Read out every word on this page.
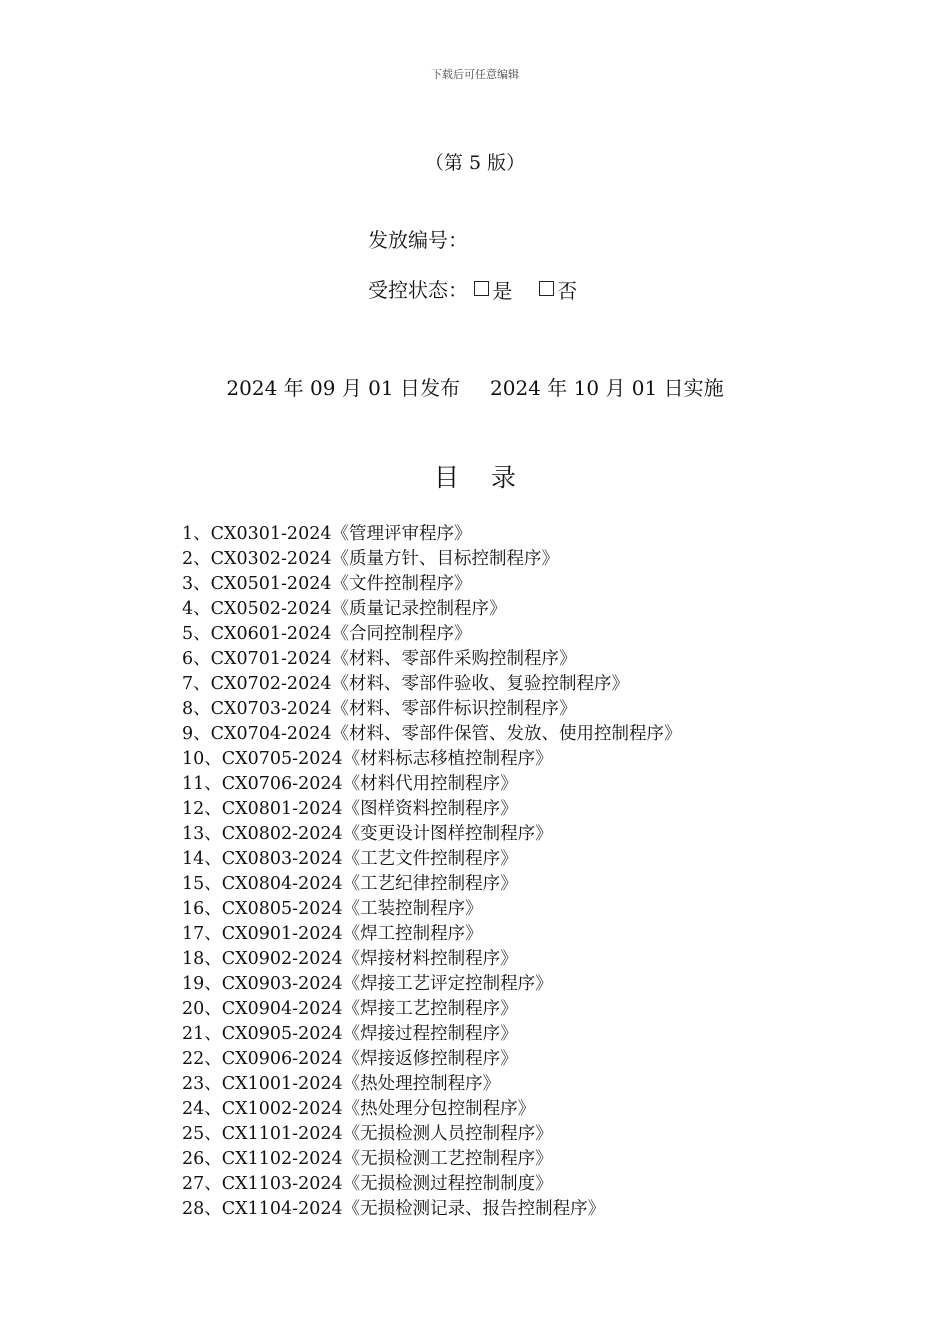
下载后可任意编辑
（第 5 版）
发放编号：
受控状态： 是
否
2024 年 09 月 01 日发布 2024 年 10 月 01 日实施
目录
1、CX0301-2024《管理评审程序》
2、CX0302-2024《质量方针、目标控制程序》
3、CX0501-2024《文件控制程序》
4、CX0502-2024《质量记录控制程序》
5、CX0601-2024《合同控制程序》
6、CX0701-2024《材料、零部件采购控制程序》
7、CX0702-2024《材料、零部件验收、复验控制程序》
8、CX0703-2024《材料、零部件标识控制程序》
9、CX0704-2024《材料、零部件保管、发放、使用控制程序》
10、CX0705-2024《材料标志移植控制程序》
11、CX0706-2024《材料代用控制程序》
12、CX0801-2024《图样资料控制程序》
13、CX0802-2024《变更设计图样控制程序》
14、CX0803-2024《工艺文件控制程序》
15、CX0804-2024《工艺纪律控制程序》
16、CX0805-2024《工装控制程序》
17、CX0901-2024《焊工控制程序》
18、CX0902-2024《焊接材料控制程序》
19、CX0903-2024《焊接工艺评定控制程序》
20、CX0904-2024《焊接工艺控制程序》
21、CX0905-2024《焊接过程控制程序》
22、CX0906-2024《焊接返修控制程序》
23、CX1001-2024《热处理控制程序》
24、CX1002-2024《热处理分包控制程序》
25、CX1101-2024《无损检测人员控制程序》
26、CX1102-2024《无损检测工艺控制程序》
27、CX1103-2024《无损检测过程控制制度》
28、CX1104-2024《无损检测记录、报告控制程序》
